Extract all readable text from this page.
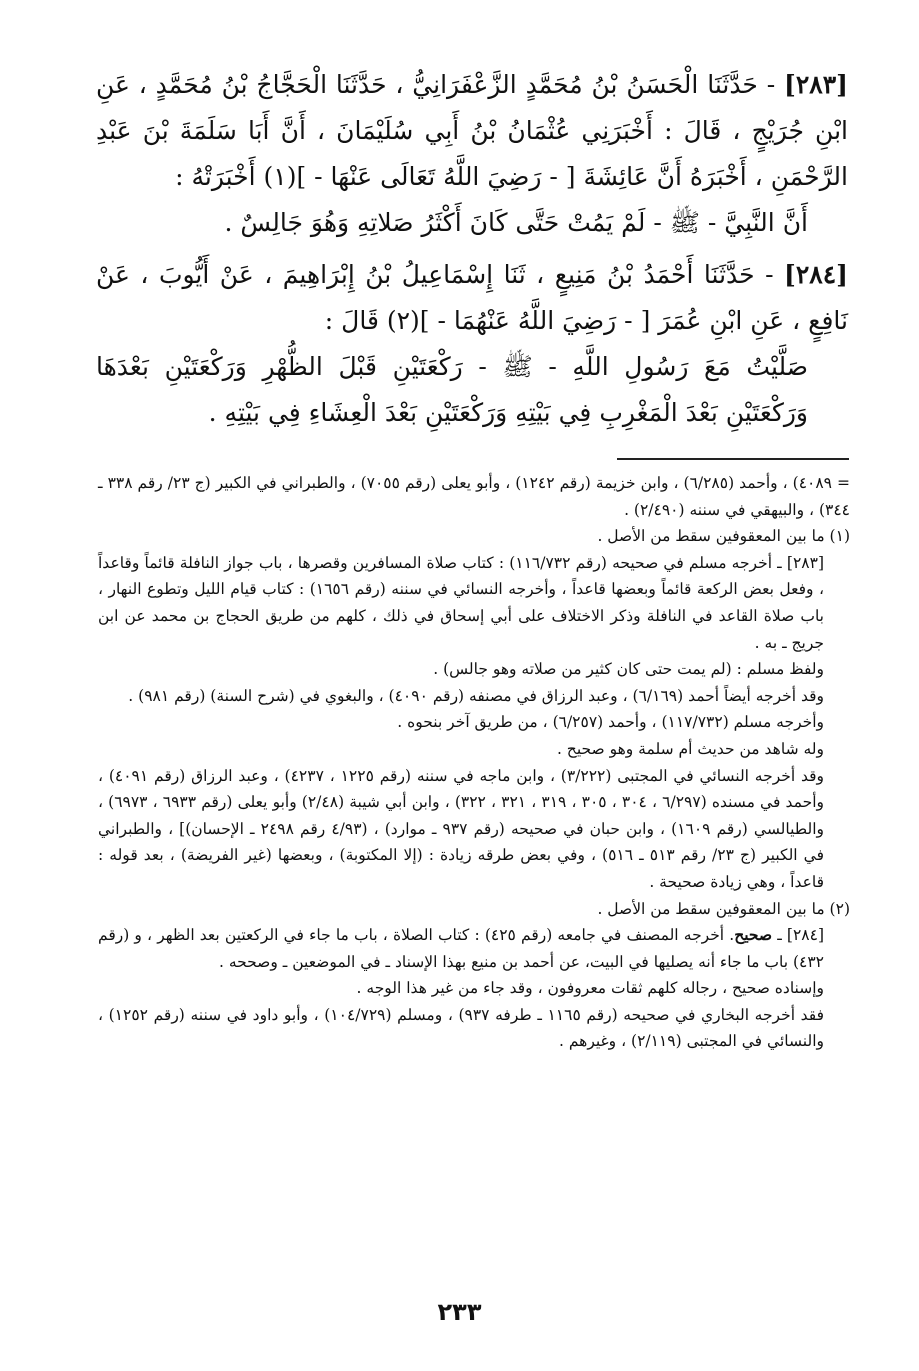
[٢٨٣] - حَدَّثَنَا الْحَسَنُ بْنُ مُحَمَّدٍ الزَّعْفَرَانِيُّ ، حَدَّثَنَا الْحَجَّاجُ بْنُ مُحَمَّدٍ ، عَنِ ابْنِ جُرَيْجٍ ، قَالَ : أَخْبَرَنِي عُثْمَانُ بْنُ أَبِي سُلَيْمَانَ ، أَنَّ أَبَا سَلَمَةَ بْنَ عَبْدِ الرَّحْمَنِ ، أَخْبَرَهُ أَنَّ عَائِشَةَ [ - رَضِيَ اللَّهُ تَعَالَى عَنْهَا - ](١) أَخْبَرَتْهُ :

أَنَّ النَّبِيَّ - ﷺ - لَمْ يَمُتْ حَتَّى كَانَ أَكْثَرُ صَلاتِهِ وَهُوَ جَالِسٌ .

[٢٨٤] - حَدَّثَنَا أَحْمَدُ بْنُ مَنِيعٍ ، ثَنَا إِسْمَاعِيلُ بْنُ إِبْرَاهِيمَ ، عَنْ أَيُّوبَ ، عَنْ نَافِعٍ ، عَنِ ابْنِ عُمَرَ [ - رَضِيَ اللَّهُ عَنْهُمَا - ](٢) قَالَ :

صَلَّيْتُ مَعَ رَسُولِ اللَّهِ - ﷺ - رَكْعَتَيْنِ قَبْلَ الظُّهْرِ وَرَكْعَتَيْنِ بَعْدَهَا وَرَكْعَتَيْنِ بَعْدَ الْمَغْرِبِ فِي بَيْتِهِ وَرَكْعَتَيْنِ بَعْدَ الْعِشَاءِ فِي بَيْتِهِ .

= ٤٠٨٩) ، وأحمد (٦/٢٨٥) ، وابن خزيمة (رقم ١٢٤٢) ، وأبو يعلى (رقم ٧٠٥٥) ، والطبراني في الكبير (ج ٢٣/ رقم ٣٣٨ ـ ٣٤٤) ، والبيهقي في سننه (٢/٤٩٠) .

(١) ما بين المعقوفين سقط من الأصل .

[٢٨٣] ـ أخرجه مسلم في صحيحه (رقم ١١٦/٧٣٢) : كتاب صلاة المسافرين وقصرها ، باب جواز النافلة قائماً وقاعداً ، وفعل بعض الركعة قائماً وبعضها قاعداً ، وأخرجه النسائي في سننه (رقم ١٦٥٦) : كتاب قيام الليل وتطوع النهار ، باب صلاة القاعد في النافلة وذكر الاختلاف على أبي إسحاق في ذلك ، كلهم من طريق الحجاج بن محمد عن ابن جريج ـ به .

ولفظ مسلم : (لم يمت حتى كان كثير من صلاته وهو جالس) .

وقد أخرجه أيضاً أحمد (٦/١٦٩) ، وعبد الرزاق في مصنفه (رقم ٤٠٩٠) ، والبغوي في (شرح السنة) (رقم ٩٨١) .

وأخرجه مسلم (١١٧/٧٣٢) ، وأحمد (٦/٢٥٧) ، من طريق آخر بنحوه .

وله شاهد من حديث أم سلمة وهو صحيح .

وقد أخرجه النسائي في المجتبى (٣/٢٢٢) ، وابن ماجه في سننه (رقم ١٢٢٥ ، ٤٢٣٧) ، وعبد الرزاق (رقم ٤٠٩١) ، وأحمد في مسنده (٦/٢٩٧ ، ٣٠٤ ، ٣٠٥ ، ٣١٩ ، ٣٢١ ، ٣٢٢) ، وابن أبي شيبة (٢/٤٨) وأبو يعلى (رقم ٦٩٣٣ ، ٦٩٧٣) ، والطيالسي (رقم ١٦٠٩) ، وابن حبان في صحيحه (رقم ٩٣٧ ـ موارد) ، (٤/٩٣ رقم ٢٤٩٨ ـ الإحسان)] ، والطبراني في الكبير (ج ٢٣/ رقم ٥١٣ ـ ٥١٦) ، وفي بعض طرقه زيادة : (إلا المكتوبة) ، وبعضها (غير الفريضة) ، بعد قوله : قاعداً ، وهي زيادة صحيحة .

(٢) ما بين المعقوفين سقط من الأصل .

[٢٨٤] ـ صحيح. أخرجه المصنف في جامعه (رقم ٤٢٥) : كتاب الصلاة ، باب ما جاء في الركعتين بعد الظهر ، و (رقم ٤٣٢) باب ما جاء أنه يصليها في البيت، عن أحمد بن منيع بهذا الإسناد ـ في الموضعين ـ وصححه .

وإسناده صحيح ، رجاله كلهم ثقات معروفون ، وقد جاء من غير هذا الوجه .

فقد أخرجه البخاري في صحيحه (رقم ١١٦٥ ـ طرفه ٩٣٧) ، ومسلم (١٠٤/٧٢٩) ، وأبو داود في سننه (رقم ١٢٥٢) ، والنسائي في المجتبى (٢/١١٩) ، وغيرهم .

٢٣٣
